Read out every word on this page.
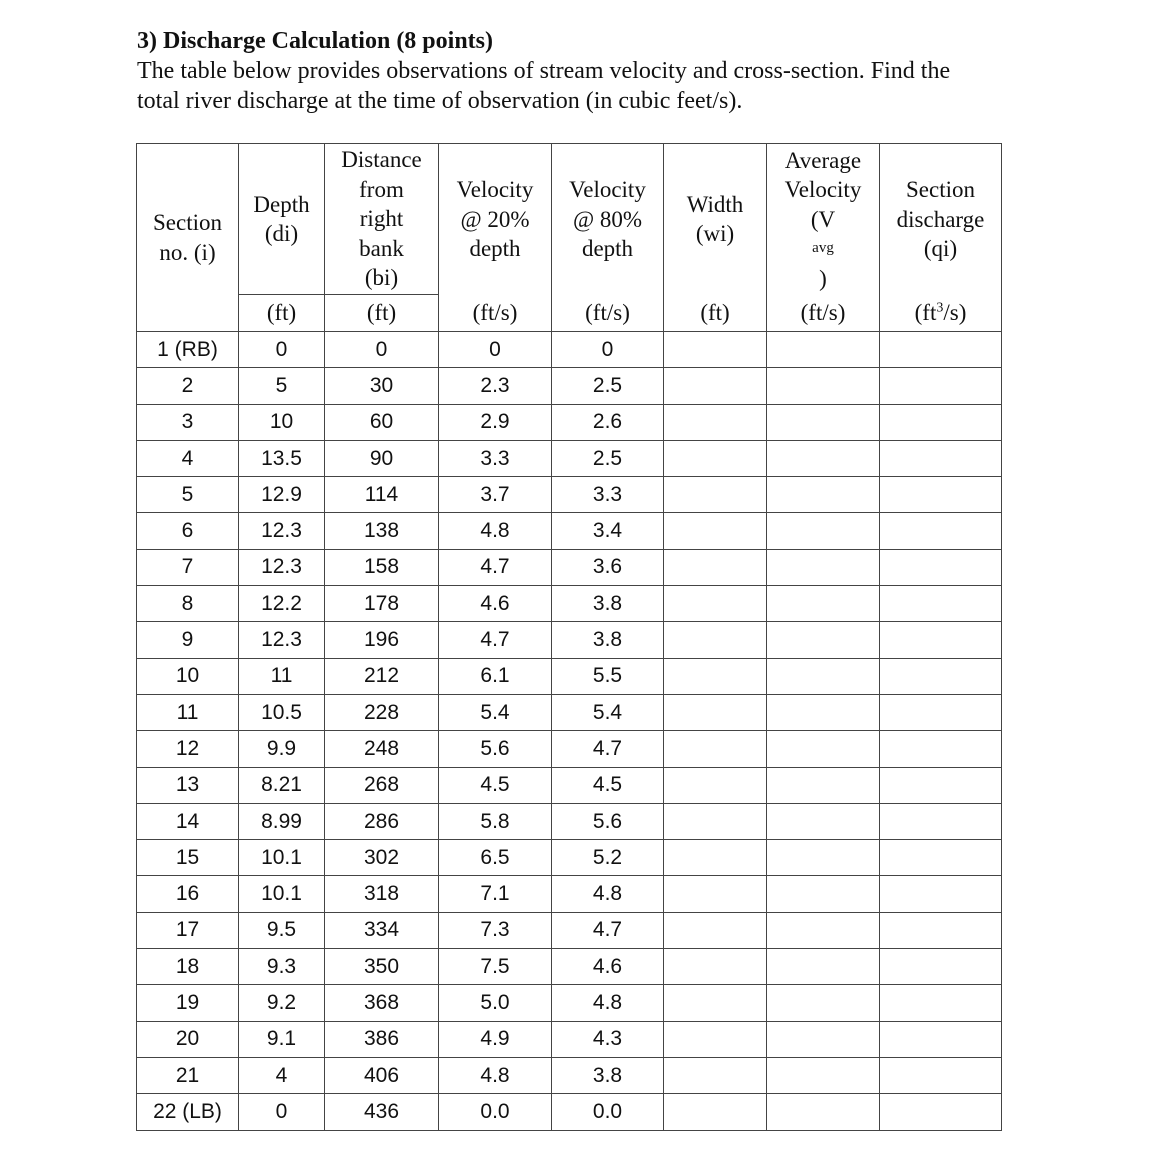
3) Discharge Calculation (8 points)
The table below provides observations of stream velocity and cross-section. Find the
total river discharge at the time of observation (in cubic feet/s).
Section
no. (i)	Depth
(di)	Distance
from
right
bank
(bi)	Velocity
@ 20%
depth	Velocity
@ 80%
depth	Width
(wi)	Average
Velocity
(V
avg
)	Section
discharge
(qi)

	(ft)	(ft)	(ft/s)	(ft/s)	(ft)	(ft/s)	$(ft^3/s)$
1 (RB)	0	0	0	0			
2	5	30	2.3	2.5			
3	10	60	2.9	2.6			
4	13.5	90	3.3	2.5			
5	12.9	114	3.7	3.3			
6	12.3	138	4.8	3.4			
7	12.3	158	4.7	3.6			
8	12.2	178	4.6	3.8			
9	12.3	196	4.7	3.8			
10	11	212	6.1	5.5			
11	10.5	228	5.4	5.4			
12	9.9	248	5.6	4.7			
13	8.21	268	4.5	4.5			
14	8.99	286	5.8	5.6			
15	10.1	302	6.5	5.2			
16	10.1	318	7.1	4.8			
17	9.5	334	7.3	4.7			
18	9.3	350	7.5	4.6			
19	9.2	368	5.0	4.8			
20	9.1	386	4.9	4.3			
21	4	406	4.8	3.8			
22 (LB)	0	436	0.0	0.0			
